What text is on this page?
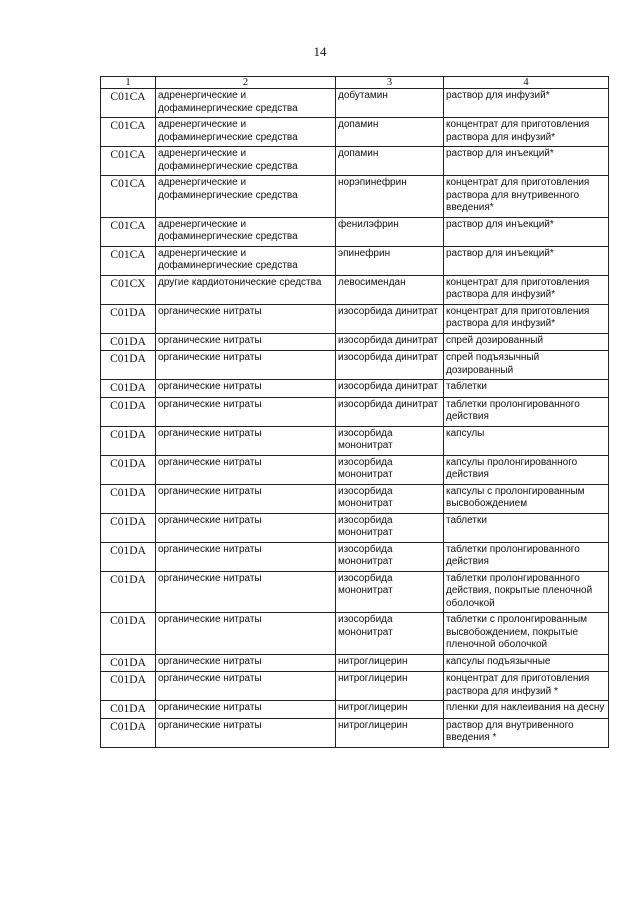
14
1	2	3	4
C01CA	адренергические и дофаминергические средства	добутамин	раствор для инфузий*
C01CA	адренергические и дофаминергические средства	допамин	концентрат для приготовления раствора для инфузий*
C01CA	адренергические и дофаминергические средства	допамин	раствор для инъекций*
C01CA	адренергические и дофаминергические средства	норэпинефрин	концентрат для приготовления раствора для внутривенного введения*
C01CA	адренергические и дофаминергические средства	фенилэфрин	раствор для инъекций*
C01CA	адренергические и дофаминергические средства	эпинефрин	раствор для инъекций*
C01CX	другие кардиотонические средства	левосимендан	концентрат для приготовления раствора для инфузий*
C01DA	органические нитраты	изосорбида динитрат	концентрат для приготовления раствора для инфузий*
C01DA	органические нитраты	изосорбида динитрат	спрей дозированный
C01DA	органические нитраты	изосорбида динитрат	спрей подъязычный дозированный
C01DA	органические нитраты	изосорбида динитрат	таблетки
C01DA	органические нитраты	изосорбида динитрат	таблетки пролонгированного действия
C01DA	органические нитраты	изосорбида мононитрат	капсулы
C01DA	органические нитраты	изосорбида мононитрат	капсулы пролонгированного действия
C01DA	органические нитраты	изосорбида мононитрат	капсулы с пролонгированным высвобождением
C01DA	органические нитраты	изосорбида мононитрат	таблетки
C01DA	органические нитраты	изосорбида мононитрат	таблетки пролонгированного действия
C01DA	органические нитраты	изосорбида мононитрат	таблетки пролонгированного действия, покрытые пленочной оболочкой
C01DA	органические нитраты	изосорбида мононитрат	таблетки с пролонгированным высвобождением, покрытые пленочной оболочкой
C01DA	органические нитраты	нитроглицерин	капсулы подъязычные
C01DA	органические нитраты	нитроглицерин	концентрат для приготовления раствора для инфузий *
C01DA	органические нитраты	нитроглицерин	пленки для наклеивания на десну
C01DA	органические нитраты	нитроглицерин	раствор для внутривенного введения *
